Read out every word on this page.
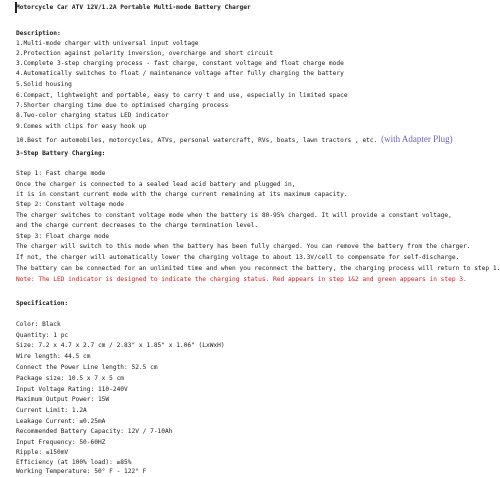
Motorcycle Car ATV 12V/1.2A Portable Multi-mode Battery Charger
Description:
1.Multi-mode charger with universal input voltage
2.Protection against polarity inversion, overcharge and short circuit
3.Complete 3-step charging process - fast charge, constant voltage and float charge mode
4.Automatically switches to float / maintenance voltage after fully charging the battery
5.Solid housing
6.Compact, lightweight and portable, easy to carry t and use, especially in limited space
7.Shorter charging time due to optimised charging process
8.Two-color charging status LED indicator
9.Comes with clips for easy hook up
10.Best for automobiles, motorcycles, ATVs, personal watercraft, RVs, boats, lawn tractors , etc. (with Adapter Plug)
3-Step Battery Charging:
Step 1: Fast charge mode
Once the charger is connected to a sealed lead acid battery and plugged in,
it is in constant current mode with the charge current remaining at its maximum capacity.
Step 2: Constant voltage mode
The charger switches to constant voltage mode when the battery is 80-95% charged. It will provide a constant voltage,
and the charge current decreases to the charge termination level.
Step 3: Float charge mode
The charger will switch to this mode when the battery has been fully charged. You can remove the battery from the charger.
If not, the charger will automatically lower the charging voltage to about 13.3V/cell to compensate for self-discharge.
The battery can be connected for an unlimited time and when you reconnect the battery, the charging process will return to step 1.
Note: The LED indicator is designed to indicate the charging status. Red appears in step 1&2 and green appears in step 3.
Specification:
Color: Black
Quantity: 1 pc
Size: 7.2 x 4.7 x 2.7 cm / 2.83" x 1.85" x 1.06" (LxWxH)
Wire length: 44.5 cm
Connect the Power Line length: 52.5 cm
Package size: 10.5 x 7 x 5 cm
Input Voltage Rating: 110-240V
Maximum Output Power: 15W
Current Limit: 1.2A
Leakage Current: ≤0.25mA
Recommended Battery Capacity: 12V / 7-10Ah
Input Frequency: 50-60HZ
Ripple: ≤150mV
Efficiency (at 100% load): ≥85%
Working Temperature: 50° F - 122° F
